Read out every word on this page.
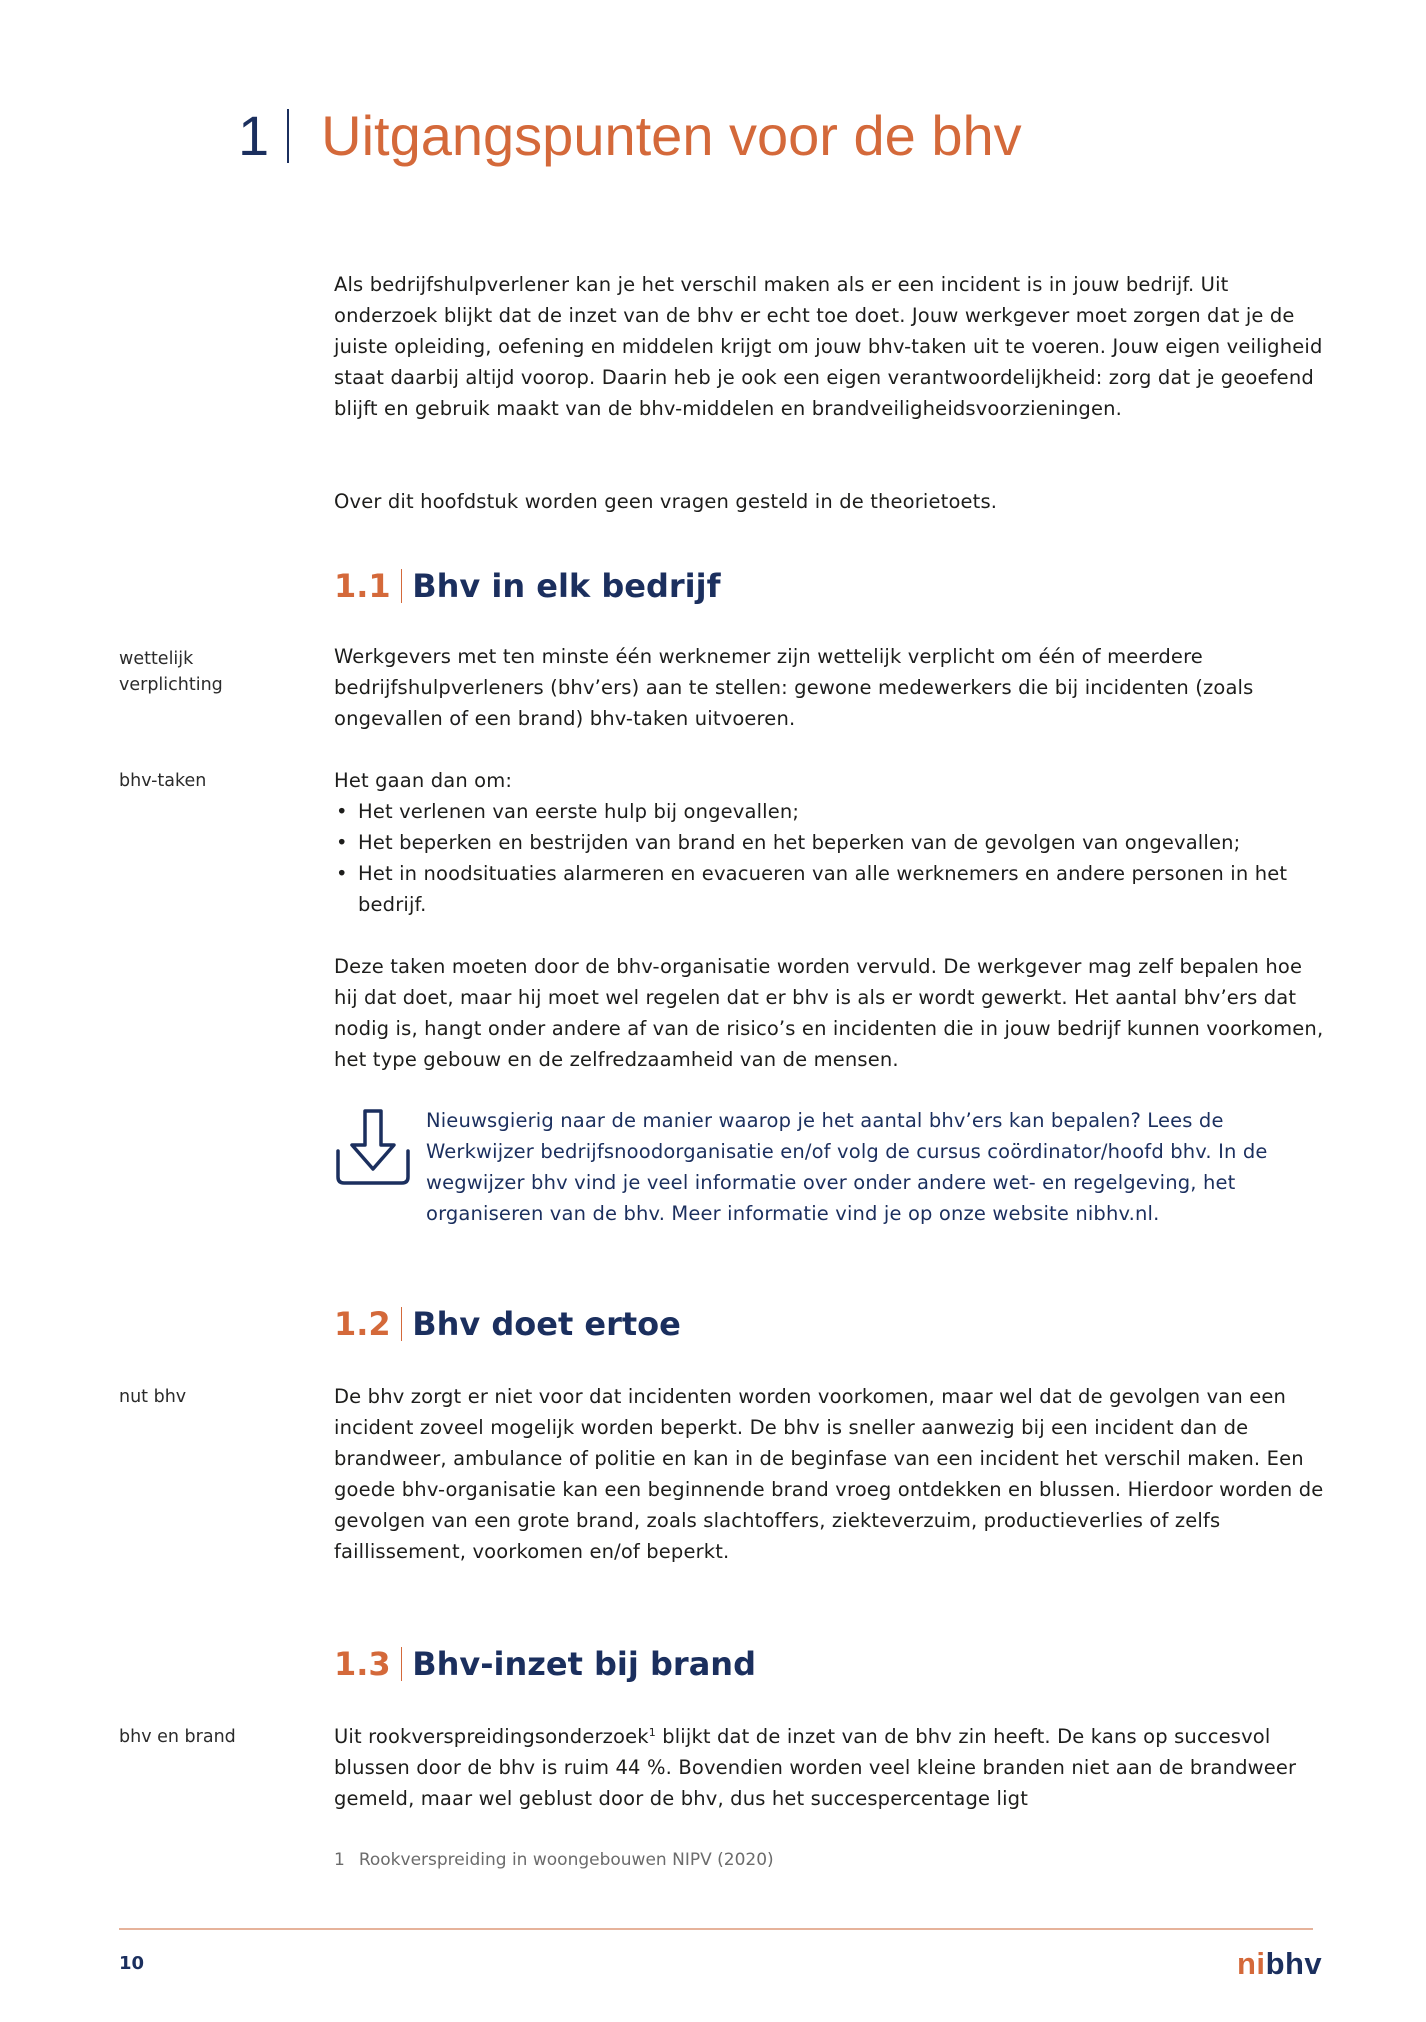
1 Uitgangspunten voor de bhv

Als bedrijfshulpverlener kan je het verschil maken als er een incident is in jouw bedrijf. Uit onderzoek blijkt dat de inzet van de bhv er echt toe doet. Jouw werkgever moet zorgen dat je de juiste opleiding, oefening en middelen krijgt om jouw bhv-taken uit te voeren. Jouw eigen veiligheid staat daarbij altijd voorop. Daarin heb je ook een eigen verantwoordelijkheid: zorg dat je geoefend blijft en gebruik maakt van de bhv-middelen en brandveiligheidsvoorzieningen.

Over dit hoofdstuk worden geen vragen gesteld in de theorietoets.

1.1 Bhv in elk bedrijf

wettelijk verplichting

Werkgevers met ten minste één werknemer zijn wettelijk verplicht om één of meerdere bedrijfshulpverleners (bhv’ers) aan te stellen: gewone medewerkers die bij incidenten (zoals ongevallen of een brand) bhv-taken uitvoeren.

bhv-taken	Het gaan dan om:

• Het verlenen van eerste hulp bij ongevallen;
• Het beperken en bestrijden van brand en het beperken van de gevolgen van ongevallen;
• Het in noodsituaties alarmeren en evacueren van alle werknemers en andere personen in het bedrijf.

Deze taken moeten door de bhv-organisatie worden vervuld. De werkgever mag zelf bepalen hoe hij dat doet, maar hij moet wel regelen dat er bhv is als er wordt gewerkt. Het aantal bhv’ers dat nodig is, hangt onder andere af van de risico’s en incidenten die in jouw bedrijf kunnen voorkomen, het type gebouw en de zelfredzaamheid van de mensen.

Nieuwsgierig naar de manier waarop je het aantal bhv’ers kan bepalen? Lees de Werkwijzer bedrijfsnoodorganisatie en/of volg de cursus coördinator/hoofd bhv. In de wegwijzer bhv vind je veel informatie over onder andere wet- en regelgeving, het organiseren van de bhv. Meer informatie vind je op onze website nibhv.nl.

1.2 Bhv doet ertoe

nut bhv	De bhv zorgt er niet voor dat incidenten worden voorkomen, maar wel dat de gevolgen van een incident zoveel mogelijk worden beperkt. De bhv is sneller aanwezig bij een incident dan de brandweer, ambulance of politie en kan in de beginfase van een incident het verschil maken. Een goede bhv-organisatie kan een beginnende brand vroeg ontdekken en blussen. Hierdoor worden de gevolgen van een grote brand, zoals slachtoffers, ziekteverzuim, productieverlies of zelfs faillissement, voorkomen en/of beperkt.

1.3 Bhv-inzet bij brand

bhv en brand	Uit rookverspreidingsonderzoek$^1$ blijkt dat de inzet van de bhv zin heeft. De kans op succesvol blussen door de bhv is ruim 44 %. Bovendien worden veel kleine branden niet aan de brandweer gemeld, maar wel geblust door de bhv, dus het succespercentage ligt

1 Rookverspreiding in woongebouwen NIPV (2020)

10	nibhv
